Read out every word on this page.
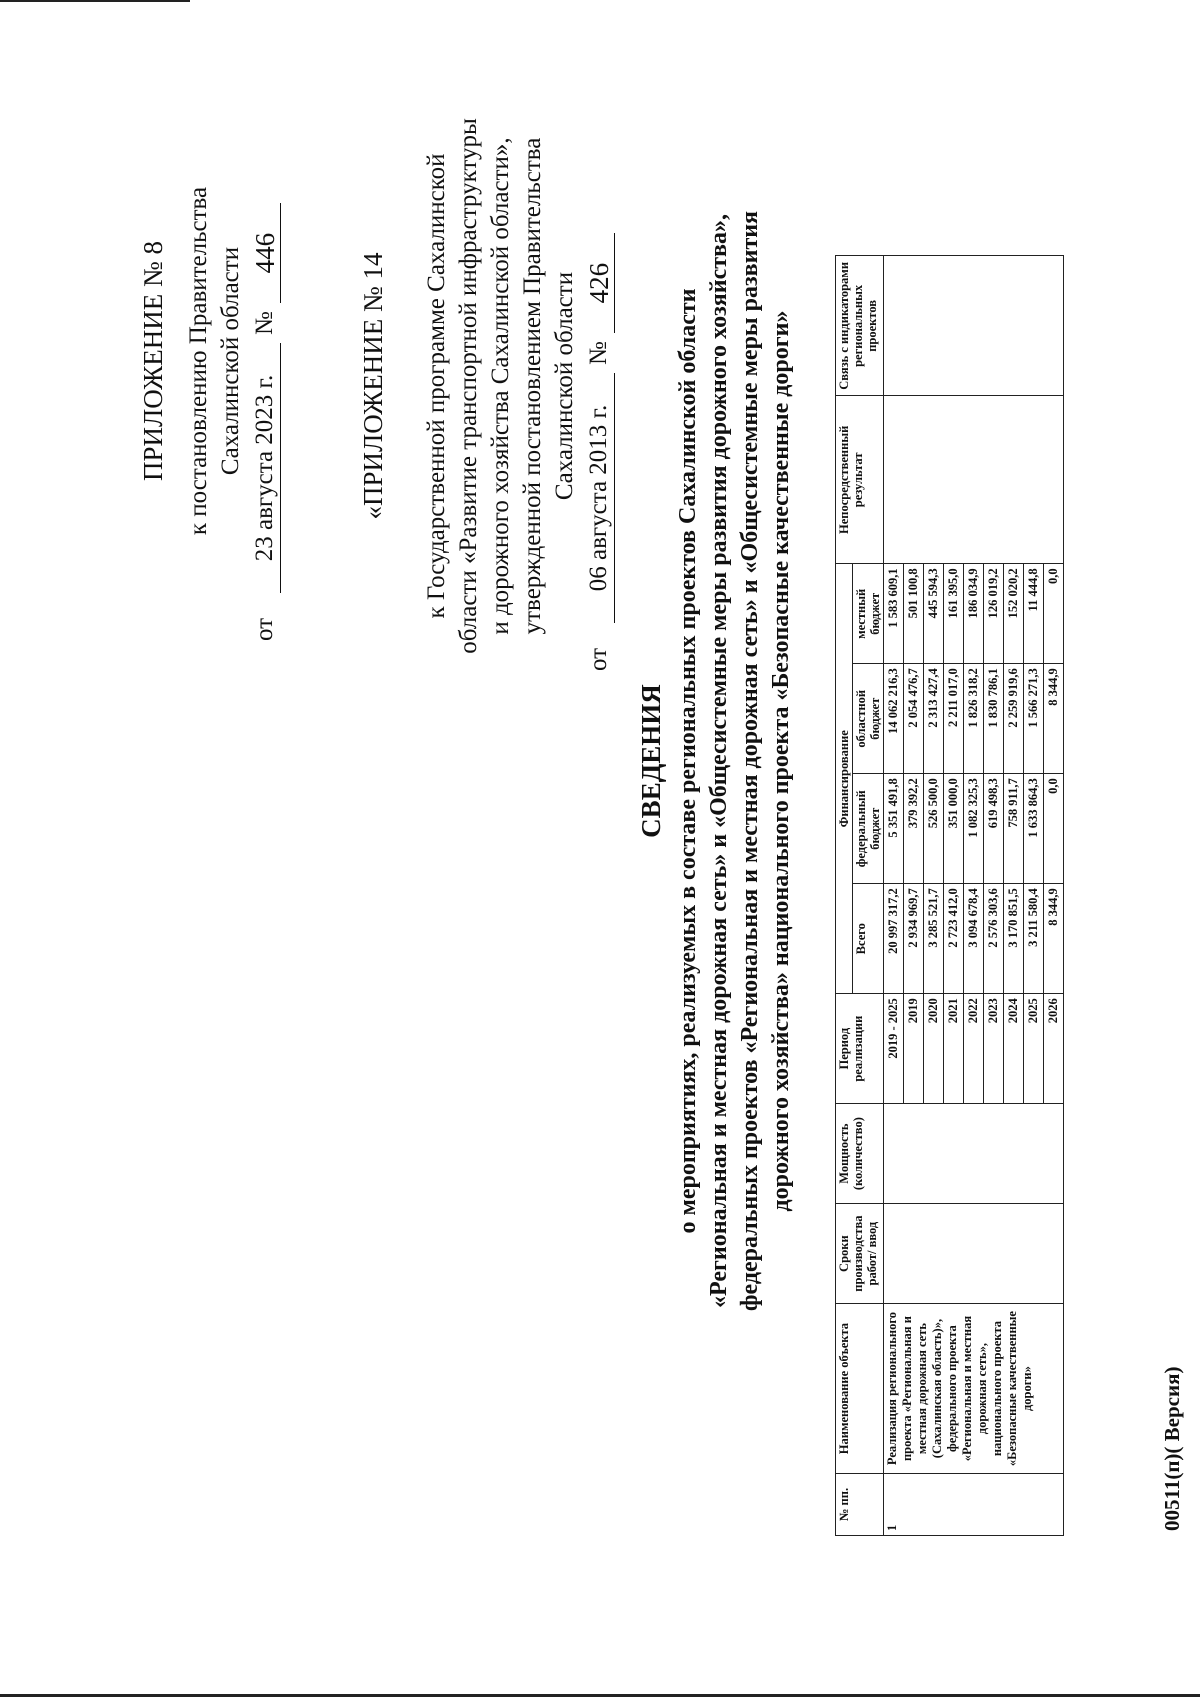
ПРИЛОЖЕНИЕ № 8 к постановлению Правительства Сахалинской области
от
23 августа 2023 г.
№
446	«ПРИЛОЖЕНИЕ № 14 к Государственной программе Сахалинской области «Развитие транспортной инфраструктуры и дорожного хозяйства Сахалинской области», утвержденной постановлением Правительства Сахалинской области
от
06 августа 2013 г.
№
426
СВЕДЕНИЯ о мероприятиях, реализуемых в составе региональных проектов Сахалинской области «Региональная и местная дорожная сеть» и «Общесистемные меры развития дорожного хозяйства», федеральных проектов «Региональная и местная дорожная сеть» и «Общесистемные меры развития дорожного хозяйства» национального проекта «Безопасные качественные дороги»
№ пп.	Наименование объекта	Сроки производства работ/ ввод	Мощность (количество)	Период реализации	Финансирование				Непосредственный результат	Связь с индикаторами региональных проектов	
					Всего	федеральный бюджет	областной бюджет	местный бюджет			
1	Реализация регионального проекта «Региональная и местная дорожная сеть (Сахалинская область)», федерального проекта «Региональная и местная дорожная сеть», национального проекта «Безопасные качественные дороги»			2019 - 2025	20 997 317,2	5 351 491,8	14 062 216,3	1 583 609,1			
				2019	2 934 969,7	379 392,2	2 054 476,7	501 100,8			
				2020	3 285 521,7	526 500,0	2 313 427,4	445 594,3			
				2021	2 723 412,0	351 000,0	2 211 017,0	161 395,0			
				2022	3 094 678,4	1 082 325,3	1 826 318,2	186 034,9			
				2023	2 576 303,6	619 498,3	1 830 786,1	126 019,2			
				2024	3 170 851,5	758 911,7	2 259 919,6	152 020,2			
				2025	3 211 580,4	1 633 864,3	1 566 271,3	11 444,8			
				2026	8 344,9	0,0	8 344,9	0,0			
00511(п)( Версия)
